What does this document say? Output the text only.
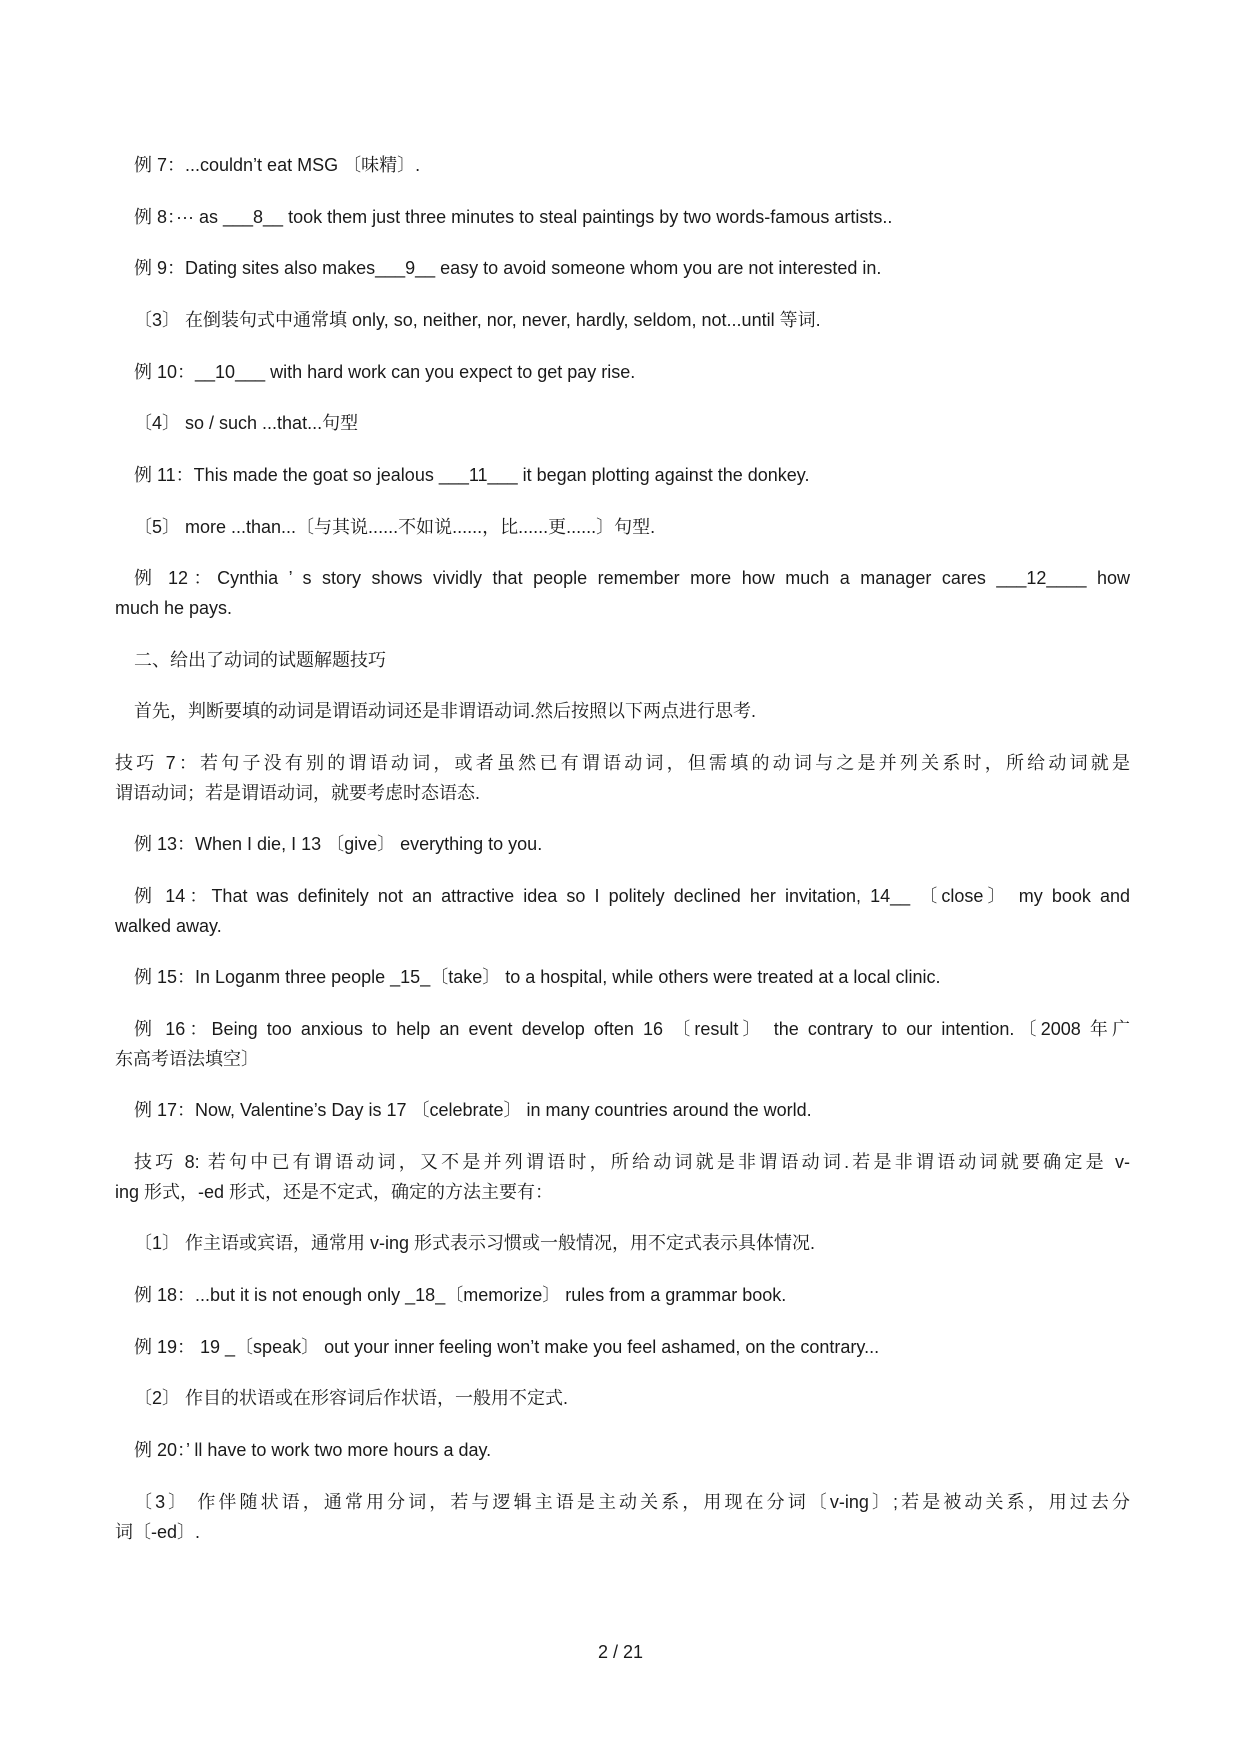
例 7：...couldn’t eat MSG 〔味精〕.
例 8：··· as ___8__ took them just three minutes to steal paintings by two words-famous artists..
例 9：Dating sites also makes___9__ easy to avoid someone whom you are not interested in.
〔3〕 在倒装句式中通常填 only, so, neither, nor, never, hardly, seldom, not...until 等词.
例 10：__10___ with hard work can you expect to get pay rise.
〔4〕 so / such ...that...句型
例 11：This made the goat so jealous ___11___ it began plotting against the donkey.
〔5〕 more ...than...〔与其说......不如说......，比......更......〕句型.
例 12：Cynthia ’ s story shows vividly that people remember more how much a manager cares ___12____ how
much he pays.
二、给出了动词的试题解题技巧
首先，判断要填的动词是谓语动词还是非谓语动词.然后按照以下两点进行思考.
技巧 7：若句子没有别的谓语动词，或者虽然已有谓语动词，但需填的动词与之是并列关系时，所给动词就是
谓语动词；若是谓语动词，就要考虑时态语态.
例 13：When I die, I 13 〔give〕 everything to you.
例 14：That was definitely not an attractive idea so I politely declined her invitation, 14__ 〔close〕 my book and
walked away.
例 15：In Loganm three people _15_〔take〕 to a hospital, while others were treated at a local clinic.
例 16：Being too anxious to help an event develop often 16 〔result〕 the contrary to our intention.〔2008 年广
东高考语法填空〕
例 17：Now, Valentine’s Day is 17 〔celebrate〕 in many countries around the world.
技巧 8: 若句中已有谓语动词，又不是并列谓语时，所给动词就是非谓语动词.若是非谓语动词就要确定是 v-
ing 形式，-ed 形式，还是不定式，确定的方法主要有：
〔1〕 作主语或宾语，通常用 v-ing 形式表示习惯或一般情况，用不定式表示具体情况.
例 18：...but it is not enough only _18_〔memorize〕 rules from a grammar book.
例 19： 19 _〔speak〕 out your inner feeling won’t make you feel ashamed, on the contrary...
〔2〕 作目的状语或在形容词后作状语，一般用不定式.
例 20：’ ll have to work two more hours a day.
〔3〕 作伴随状语，通常用分词，若与逻辑主语是主动关系，用现在分词〔v-ing〕;若是被动关系，用过去分
词〔-ed〕.
2 / 21
